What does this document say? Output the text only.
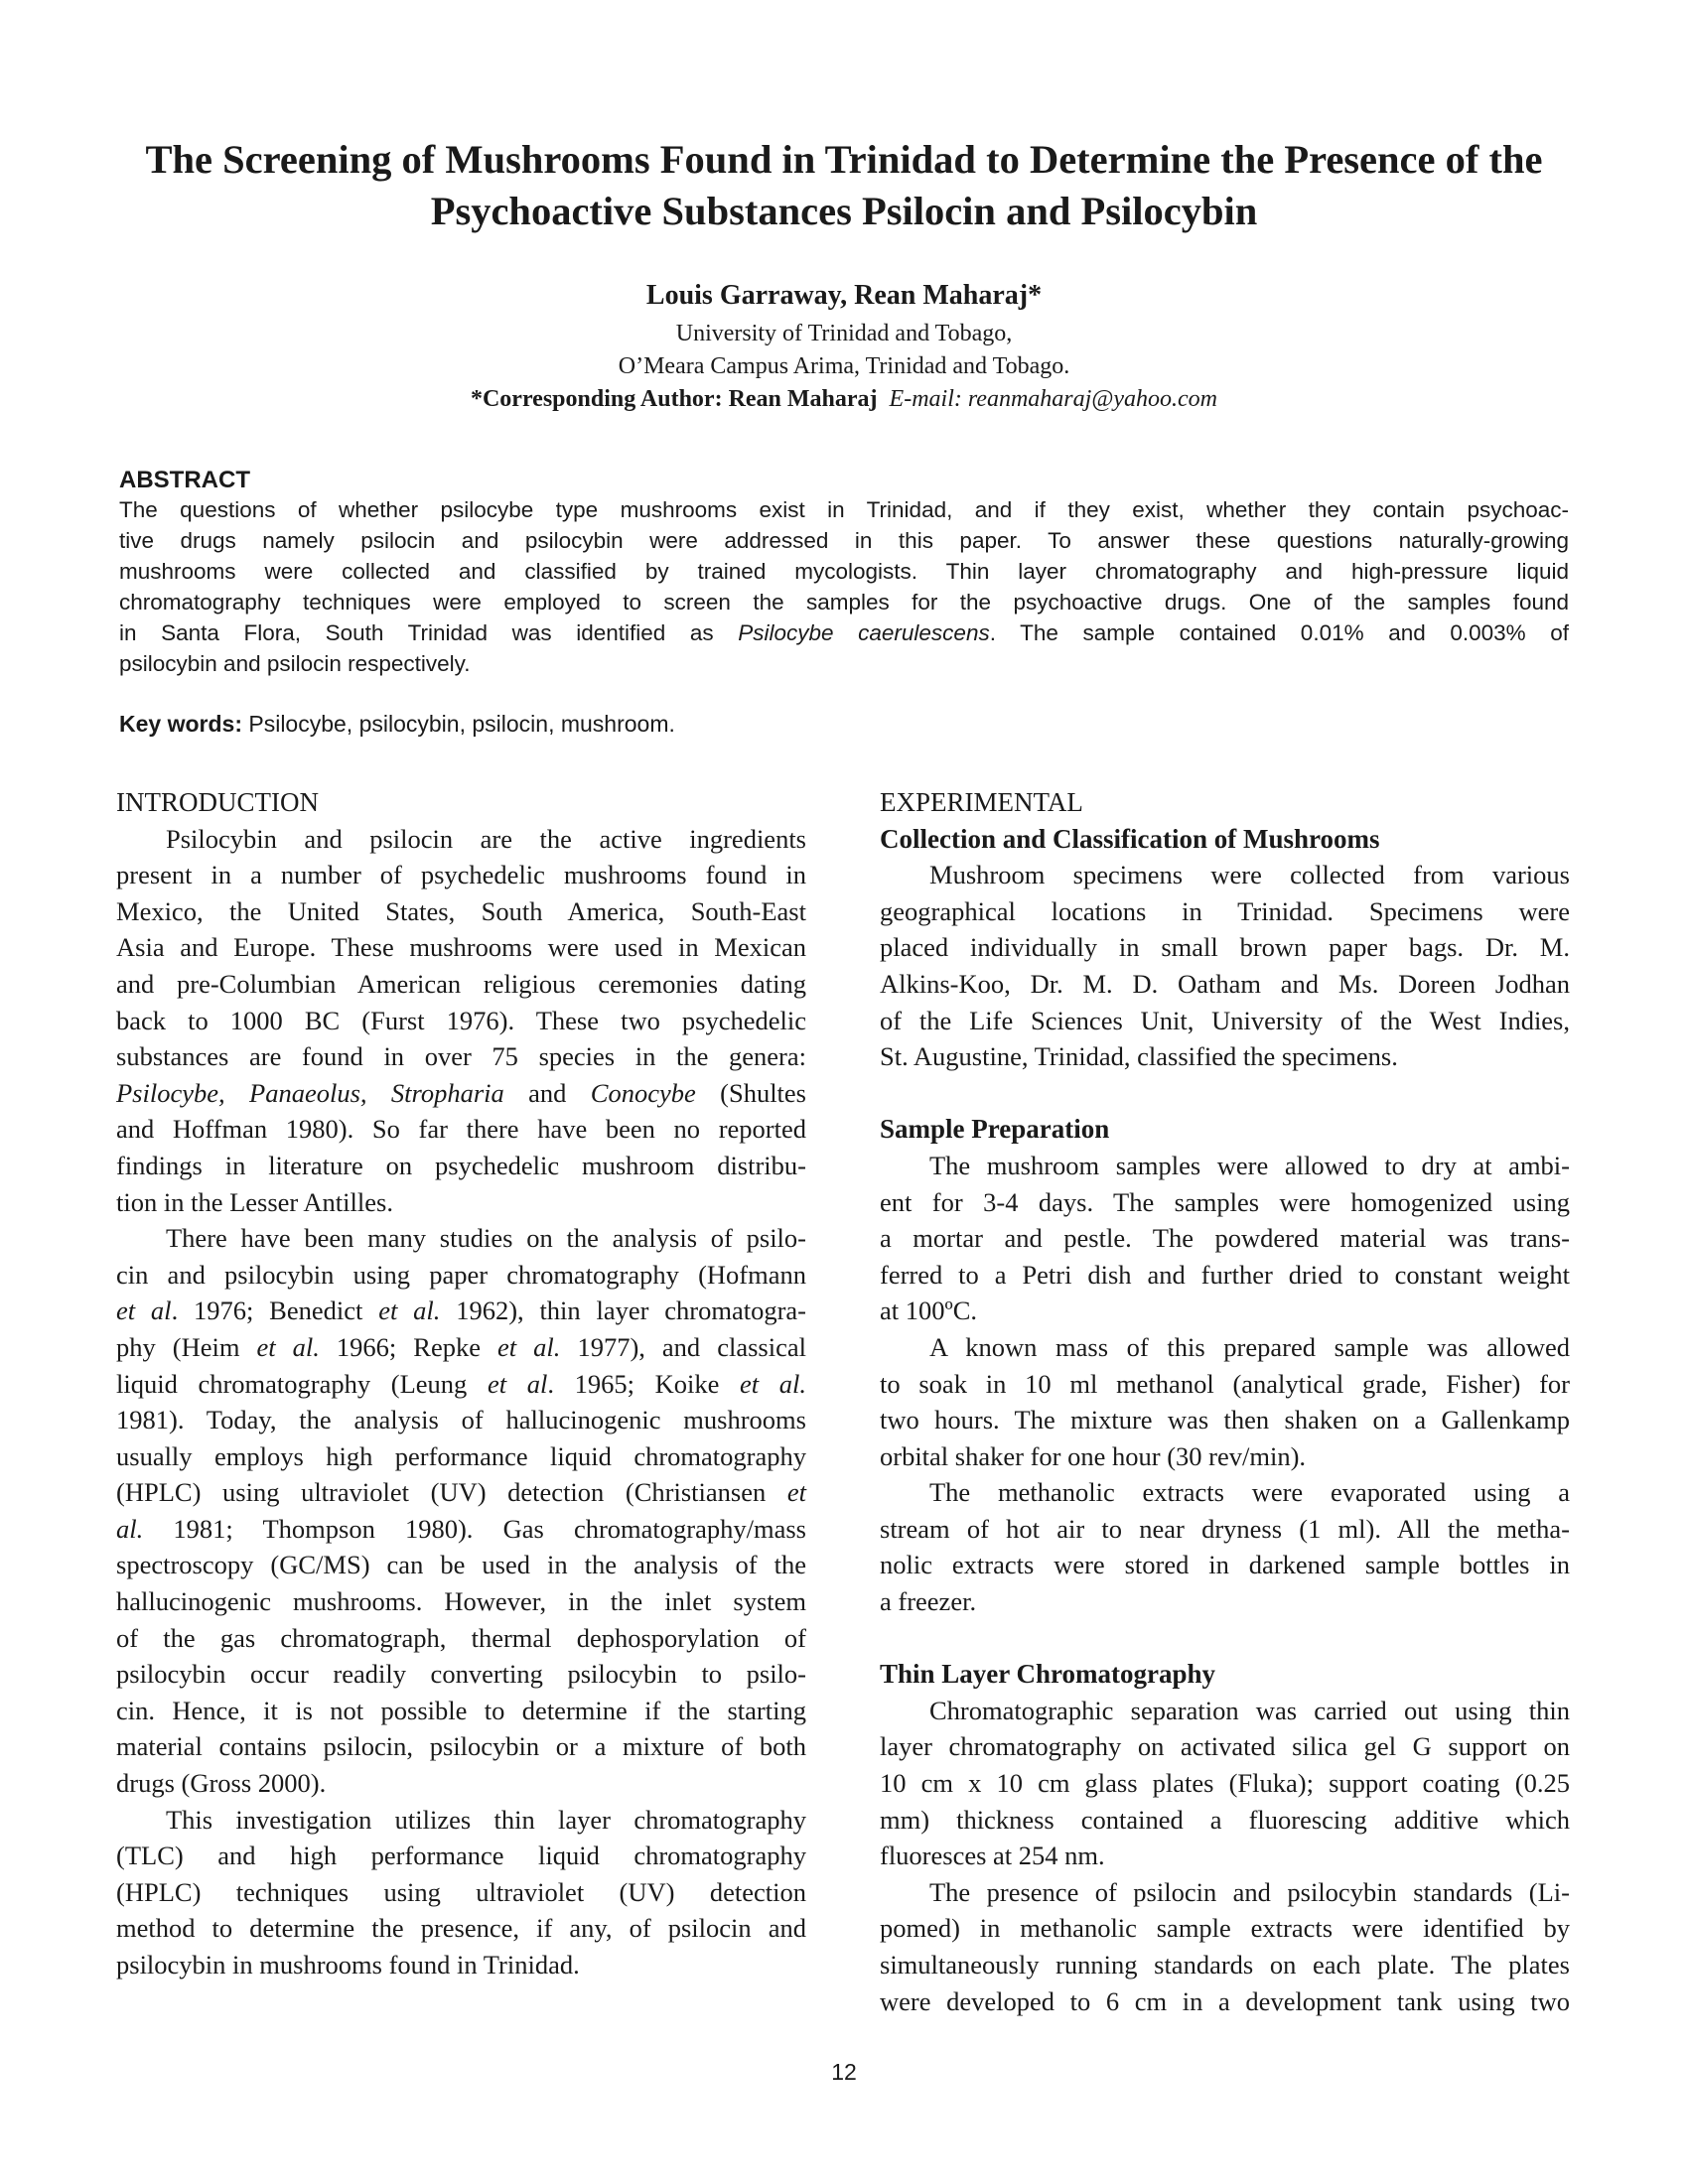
The Screening of Mushrooms Found in Trinidad to Determine the Presence of the
Psychoactive Substances Psilocin and Psilocybin
Louis Garraway, Rean Maharaj*
University of Trinidad and Tobago,
O’Meara Campus Arima, Trinidad and Tobago.
*Corresponding Author: Rean Maharaj E-mail: reanmaharaj@yahoo.com
ABSTRACT
The questions of whether psilocybe type mushrooms exist in Trinidad, and if they exist, whether they contain psychoac-
tive drugs namely psilocin and psilocybin were addressed in this paper. To answer these questions naturally-growing
mushrooms were collected and classified by trained mycologists. Thin layer chromatography and high-pressure liquid
chromatography techniques were employed to screen the samples for the psychoactive drugs. One of the samples found
in Santa Flora, South Trinidad was identified as Psilocybe caerulescens. The sample contained 0.01% and 0.003% of
psilocybin and psilocin respectively.
Key words: Psilocybe, psilocybin, psilocin, mushroom.
INTRODUCTION
Psilocybin and psilocin are the active ingredients
present in a number of psychedelic mushrooms found in
Mexico, the United States, South America, South-East
Asia and Europe. These mushrooms were used in Mexican
and pre-Columbian American religious ceremonies dating
back to 1000 BC (Furst 1976). These two psychedelic
substances are found in over 75 species in the genera:
Psilocybe, Panaeolus, Stropharia and Conocybe (Shultes
and Hoffman 1980). So far there have been no reported
findings in literature on psychedelic mushroom distribu-
tion in the Lesser Antilles.
There have been many studies on the analysis of psilo-
cin and psilocybin using paper chromatography (Hofmann
et al. 1976; Benedict et al. 1962), thin layer chromatogra-
phy (Heim et al. 1966; Repke et al. 1977), and classical
liquid chromatography (Leung et al. 1965; Koike et al.
1981). Today, the analysis of hallucinogenic mushrooms
usually employs high performance liquid chromatography
(HPLC) using ultraviolet (UV) detection (Christiansen et
al. 1981; Thompson 1980). Gas chromatography/mass
spectroscopy (GC/MS) can be used in the analysis of the
hallucinogenic mushrooms. However, in the inlet system
of the gas chromatograph, thermal dephosporylation of
psilocybin occur readily converting psilocybin to psilo-
cin. Hence, it is not possible to determine if the starting
material contains psilocin, psilocybin or a mixture of both
drugs (Gross 2000).
This investigation utilizes thin layer chromatography
(TLC) and high performance liquid chromatography
(HPLC) techniques using ultraviolet (UV) detection
method to determine the presence, if any, of psilocin and
psilocybin in mushrooms found in Trinidad.
EXPERIMENTAL
Collection and Classification of Mushrooms
Mushroom specimens were collected from various
geographical locations in Trinidad. Specimens were
placed individually in small brown paper bags. Dr. M.
Alkins-Koo, Dr. M. D. Oatham and Ms. Doreen Jodhan
of the Life Sciences Unit, University of the West Indies,
St. Augustine, Trinidad, classified the specimens.
Sample Preparation
The mushroom samples were allowed to dry at ambi-
ent for 3-4 days. The samples were homogenized using
a mortar and pestle. The powdered material was trans-
ferred to a Petri dish and further dried to constant weight
at 100ºC.
A known mass of this prepared sample was allowed
to soak in 10 ml methanol (analytical grade, Fisher) for
two hours. The mixture was then shaken on a Gallenkamp
orbital shaker for one hour (30 rev/min).
The methanolic extracts were evaporated using a
stream of hot air to near dryness (1 ml). All the metha-
nolic extracts were stored in darkened sample bottles in
a freezer.
Thin Layer Chromatography
Chromatographic separation was carried out using thin
layer chromatography on activated silica gel G support on
10 cm x 10 cm glass plates (Fluka); support coating (0.25
mm) thickness contained a fluorescing additive which
fluoresces at 254 nm.
The presence of psilocin and psilocybin standards (Li-
pomed) in methanolic sample extracts were identified by
simultaneously running standards on each plate. The plates
were developed to 6 cm in a development tank using two
12
